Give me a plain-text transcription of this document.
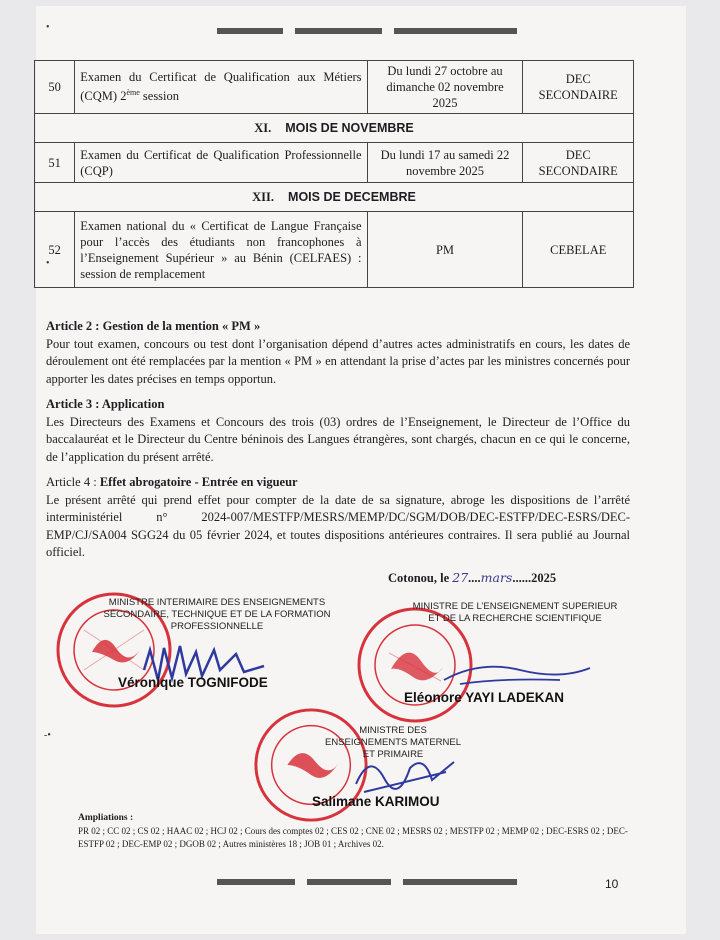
•
•
-•
50	Examen du Certificat de Qualification aux Métiers (CQM) 2ème session	Du lundi 27 octobre au dimanche 02 novembre 2025	DEC SECONDAIRE
XI. MOIS DE NOVEMBRE			
51	Examen du Certificat de Qualification Professionnelle (CQP)	Du lundi 17 au samedi 22 novembre 2025	DEC SECONDAIRE
XII. MOIS DE DECEMBRE			
52	Examen national du « Certificat de Langue Française pour l’accès des étudiants non francophones à l’Enseignement Supérieur » au Bénin (CELFAES) : session de remplacement	PM	CEBELAE

Article 2 : Gestion de la mention « PM »

Pour tout examen, concours ou test dont l’organisation dépend d’autres actes administratifs en cours, les dates de déroulement ont été remplacées par la mention « PM » en attendant la prise d’actes par les ministres concernés pour apporter les dates précises en temps opportun.

Article 3 : Application

Les Directeurs des Examens et Concours des trois (03) ordres de l’Enseignement, le Directeur de l’Office du baccalauréat et le Directeur du Centre béninois des Langues étrangères, sont chargés, chacun en ce qui le concerne, de l’application du présent arrêté.

Article 4 : Effet abrogatoire - Entrée en vigueur

Le présent arrêté qui prend effet pour compter de la date de sa signature, abroge les dispositions de l’arrêté interministériel n° 2024-007/MESTFP/MESRS/MEMP/DC/SGM/DOB/DEC-ESTFP/DEC-ESRS/DEC-EMP/CJ/SA004 SGG24 du 05 février 2024, et toutes dispositions antérieures contraires. Il sera publié au Journal officiel.

Cotonou, le 27....mars......2025
MINISTRE INTERIMAIRE DES ENSEIGNEMENTS SECONDAIRE, TECHNIQUE ET DE LA FORMATION PROFESSIONNELLE
Véronique TOGNIFODE
MINISTRE DE L’ENSEIGNEMENT SUPERIEUR ET DE LA RECHERCHE SCIENTIFIQUE
Eléonore YAYI LADEKAN
MINISTRE DES ENSEIGNEMENTS MATERNEL ET PRIMAIRE
Salimane KARIMOU
Ampliations :
PR 02 ; CC 02 ; CS 02 ; HAAC 02 ; HCJ 02 ; Cours des comptes 02 ; CES 02 ; CNE 02 ; MESRS 02 ; MESTFP 02 ; MEMP 02 ; DEC-ESRS 02 ; DEC-ESTFP 02 ; DEC-EMP 02 ; DGOB 02 ; Autres ministères 18 ; JOB 01 ; Archives 02.
10
